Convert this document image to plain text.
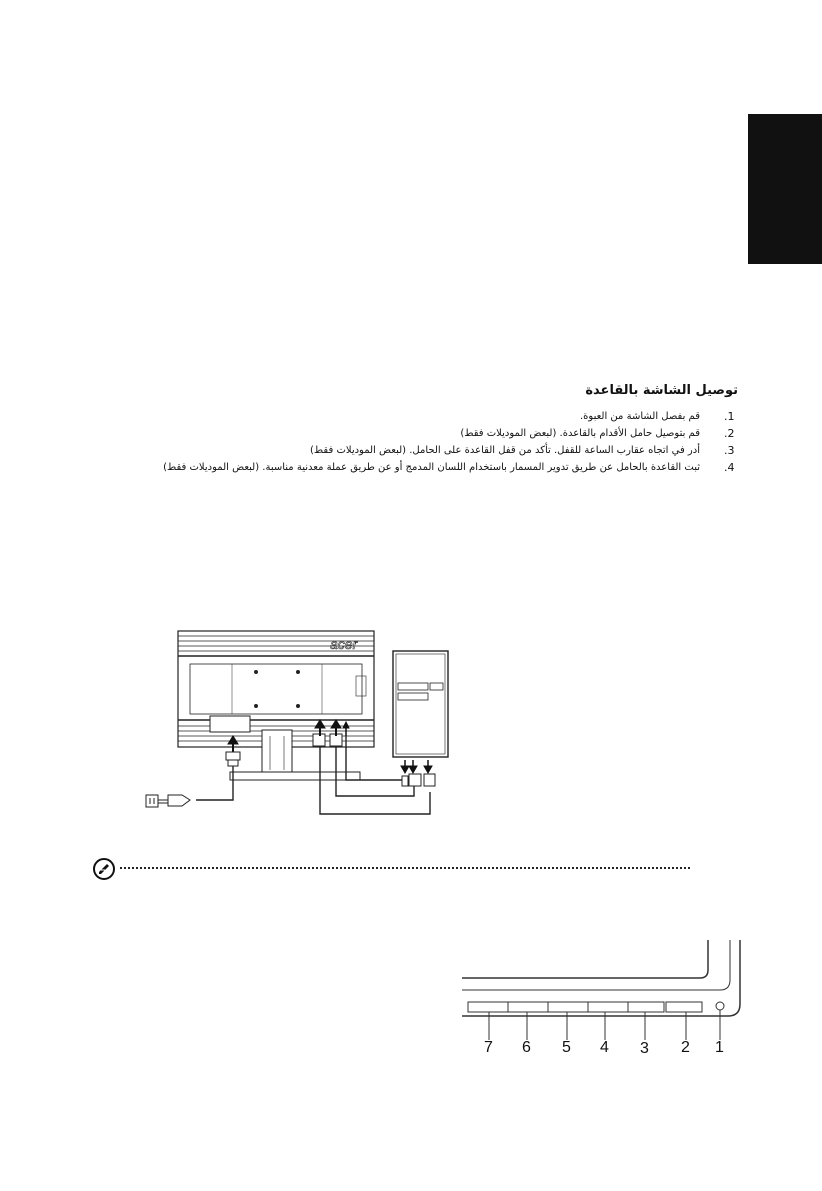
توصيل الشاشة بالقاعدة
.1
قم بفصل الشاشة من العبوة.
.2
قم بتوصيل حامل الأقدام بالقاعدة. (لبعض الموديلات فقط)
.3
أدر في اتجاه عقارب الساعة للقفل. تأكد من قفل القاعدة على الحامل. (لبعض الموديلات فقط)
.4
ثبت القاعدة بالحامل عن طريق تدوير المسمار باستخدام اللسان المدمج أو عن طريق عملة معدنية مناسبة. (لبعض الموديلات فقط)
acer
7 6 5 4 3 2 1
